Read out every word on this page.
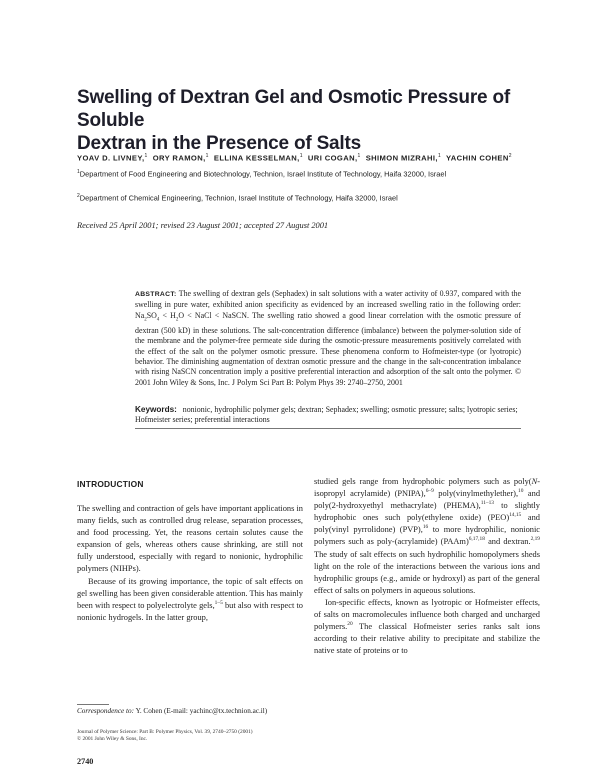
Swelling of Dextran Gel and Osmotic Pressure of Soluble
Dextran in the Presence of Salts
YOAV D. LIVNEY,$^1$ ORY RAMON,$^1$ ELLINA KESSELMAN,$^1$ URI COGAN,$^1$ SHIMON MIZRAHI,$^1$ YACHIN COHEN$^2$
$^1$Department of Food Engineering and Biotechnology, Technion, Israel Institute of Technology, Haifa 32000, Israel
$^2$Department of Chemical Engineering, Technion, Israel Institute of Technology, Haifa 32000, Israel
Received 25 April 2001; revised 23 August 2001; accepted 27 August 2001
ABSTRACT: The swelling of dextran gels (Sephadex) in salt solutions with a water activity of 0.937, compared with the swelling in pure water, exhibited anion specificity as evidenced by an increased swelling ratio in the following order: $Na_2SO_4 < H_2O$ < NaCl < NaSCN. The swelling ratio showed a good linear correlation with the osmotic pressure of dextran (500 kD) in these solutions. The salt-concentration difference (imbalance) between the polymer-solution side of the membrane and the polymer-free permeate side during the osmotic-pressure measurements positively correlated with the effect of the salt on the polymer osmotic pressure. These phenomena conform to Hofmeister-type (or lyotropic) behavior. The diminishing augmentation of dextran osmotic pressure and the change in the salt-concentration imbalance with rising NaSCN concentration imply a positive preferential interaction and adsorption of the salt onto the polymer. © 2001 John Wiley & Sons, Inc. J Polym Sci Part B: Polym Phys 39: 2740–2750, 2001
Keywords: nonionic, hydrophilic polymer gels; dextran; Sephadex; swelling; osmotic pressure; salts; lyotropic series; Hofmeister series; preferential interactions
INTRODUCTION

The swelling and contraction of gels have important applications in many fields, such as controlled drug release, separation processes, and food processing. Yet, the reasons certain solutes cause the expansion of gels, whereas others cause shrinking, are still not fully understood, especially with regard to nonionic, hydrophilic polymers (NIHPs).

Because of its growing importance, the topic of salt effects on gel swelling has been given considerable attention. This has mainly been with respect to polyelectrolyte gels,$^{1-5}$ but also with respect to nonionic hydrogels. In the latter group,

studied gels range from hydrophobic polymers such as poly(N-isopropyl acrylamide) (PNIPA),$^{6-9}$ poly(vinylmethylether),$^{10}$ and poly(2-hydroxyethyl methacrylate) (PHEMA),$^{11-13}$ to slightly hydrophobic ones such poly(ethylene oxide) (PEO)$^{14,15}$ and poly(vinyl pyrrolidone) (PVP),$^{16}$ to more hydrophilic, nonionic polymers such as poly-(acrylamide) (PAAm)$^{6,17,18}$ and dextran.$^{2,19}$ The study of salt effects on such hydrophilic homopolymers sheds light on the role of the interactions between the various ions and hydrophilic groups (e.g., amide or hydroxyl) as part of the general effect of salts on polymers in aqueous solutions.

Ion-specific effects, known as lyotropic or Hofmeister effects, of salts on macromolecules influence both charged and uncharged polymers.$^{20}$ The classical Hofmeister series ranks salt ions according to their relative ability to precipitate and stabilize the native state of proteins or to

Correspondence to: Y. Cohen (E-mail: yachinc@tx.technion.ac.il)
Journal of Polymer Science: Part B: Polymer Physics, Vol. 39, 2740–2750 (2001)
© 2001 John Wiley & Sons, Inc.
2740
